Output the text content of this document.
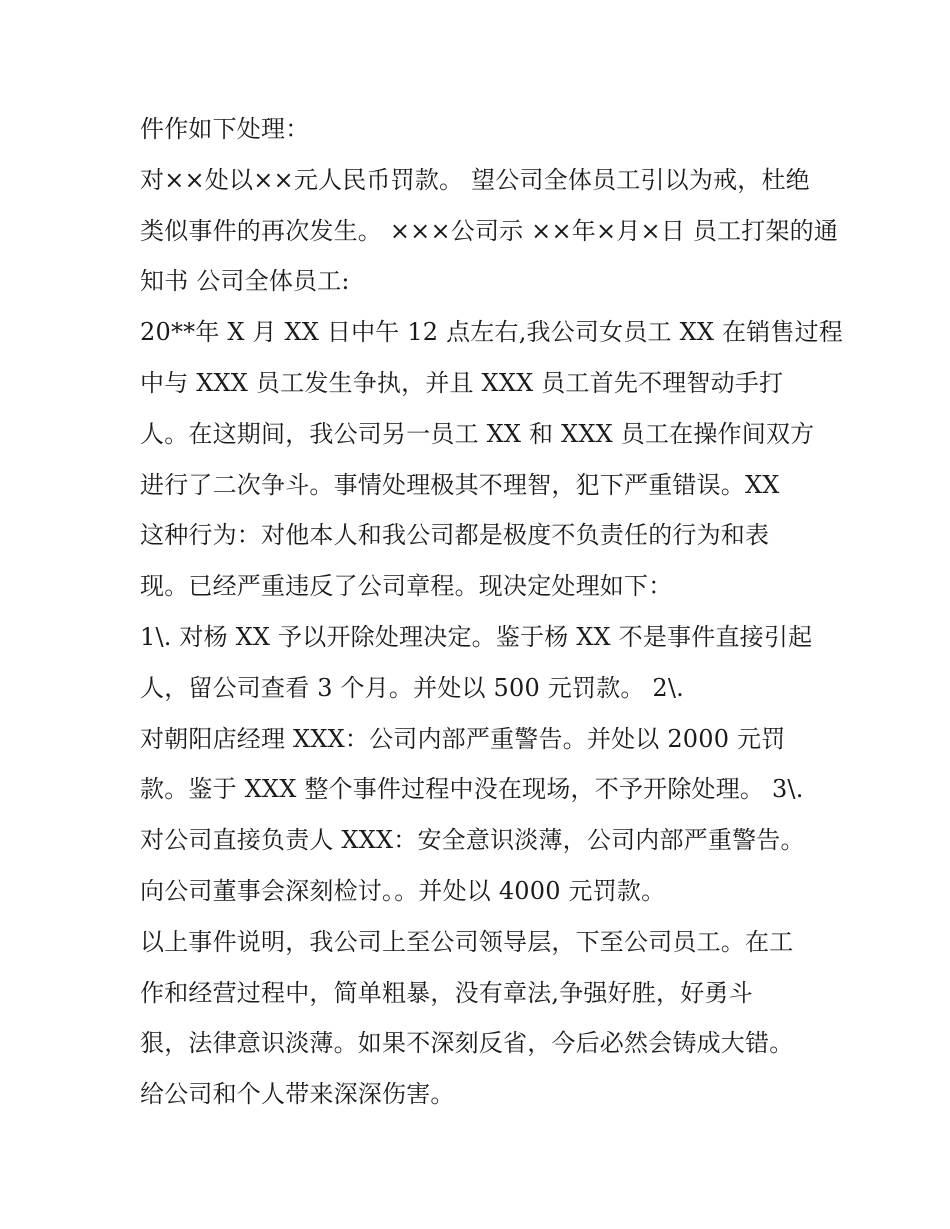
件作如下处理：
对××处以××元人民币罚款。 望公司全体员工引以为戒，杜绝
类似事件的再次发生。 ×××公司示 ××年×月×日 员工打架的通
知书 公司全体员工:
20**年 X 月 XX 日中午 12 点左右,我公司女员工 XX 在销售过程
中与 XXX 员工发生争执，并且 XXX 员工首先不理智动手打
人。在这期间，我公司另一员工 XX 和 XXX 员工在操作间双方
进行了二次争斗。事情处理极其不理智，犯下严重错误。XX
这种行为：对他本人和我公司都是极度不负责任的行为和表
现。已经严重违反了公司章程。现决定处理如下：
1\. 对杨 XX 予以开除处理决定。鉴于杨 XX 不是事件直接引起
人，留公司查看 3 个月。并处以 500 元罚款。 2\.
对朝阳店经理 XXX：公司内部严重警告。并处以 2000 元罚
款。鉴于 XXX 整个事件过程中没在现场，不予开除处理。 3\.
对公司直接负责人 XXX：安全意识淡薄，公司内部严重警告。
向公司董事会深刻检讨。。并处以 4000 元罚款。
以上事件说明，我公司上至公司领导层，下至公司员工。在工
作和经营过程中，简单粗暴，没有章法,争强好胜，好勇斗
狠，法律意识淡薄。如果不深刻反省，今后必然会铸成大错。
给公司和个人带来深深伤害。
